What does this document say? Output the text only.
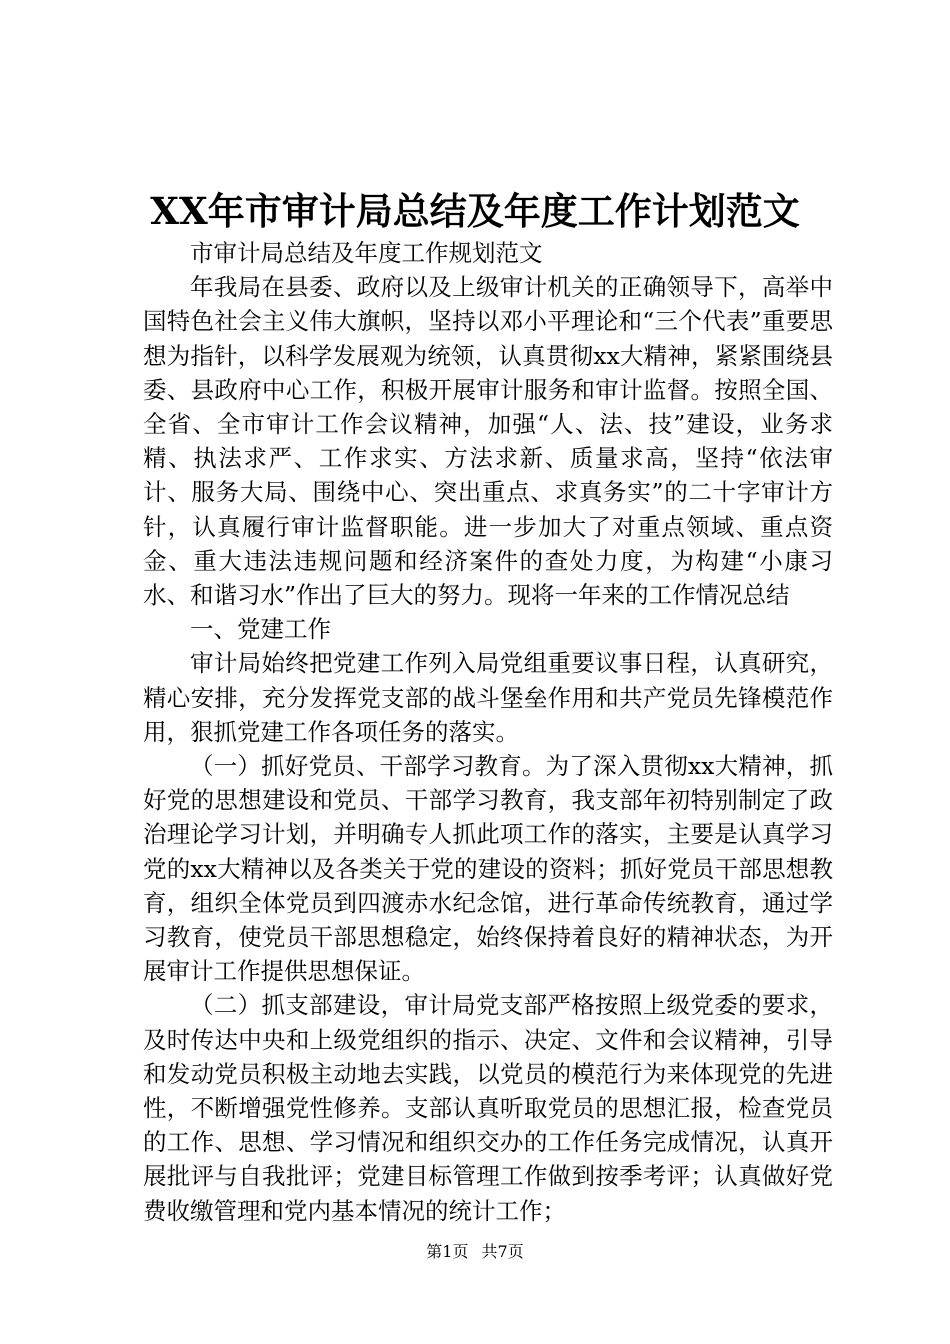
XX年市审计局总结及年度工作计划范文

市审计局总结及年度工作规划范文

年我局在县委、政府以及上级审计机关的正确领导下，高举中国特色社会主义伟大旗帜，坚持以邓小平理论和“三个代表”重要思想为指针，以科学发展观为统领，认真贯彻xx大精神，紧紧围绕县委、县政府中心工作，积极开展审计服务和审计监督。按照全国、全省、全市审计工作会议精神，加强“人、法、技”建设，业务求精、执法求严、工作求实、方法求新、质量求高，坚持“依法审计、服务大局、围绕中心、突出重点、求真务实”的二十字审计方针，认真履行审计监督职能。进一步加大了对重点领域、重点资金、重大违法违规问题和经济案件的查处力度，为构建“小康习水、和谐习水”作出了巨大的努力。现将一年来的工作情况总结

一、党建工作

审计局始终把党建工作列入局党组重要议事日程，认真研究，精心安排，充分发挥党支部的战斗堡垒作用和共产党员先锋模范作用，狠抓党建工作各项任务的落实。

（一）抓好党员、干部学习教育。为了深入贯彻xx大精神，抓好党的思想建设和党员、干部学习教育，我支部年初特别制定了政治理论学习计划，并明确专人抓此项工作的落实，主要是认真学习党的xx大精神以及各类关于党的建设的资料；抓好党员干部思想教育，组织全体党员到四渡赤水纪念馆，进行革命传统教育，通过学习教育，使党员干部思想稳定，始终保持着良好的精神状态，为开展审计工作提供思想保证。

（二）抓支部建设，审计局党支部严格按照上级党委的要求，及时传达中央和上级党组织的指示、决定、文件和会议精神，引导和发动党员积极主动地去实践，以党员的模范行为来体现党的先进性，不断增强党性修养。支部认真听取党员的思想汇报，检查党员的工作、思想、学习情况和组织交办的工作任务完成情况，认真开展批评与自我批评；党建目标管理工作做到按季考评；认真做好党费收缴管理和党内基本情况的统计工作；

第1页 共7页
